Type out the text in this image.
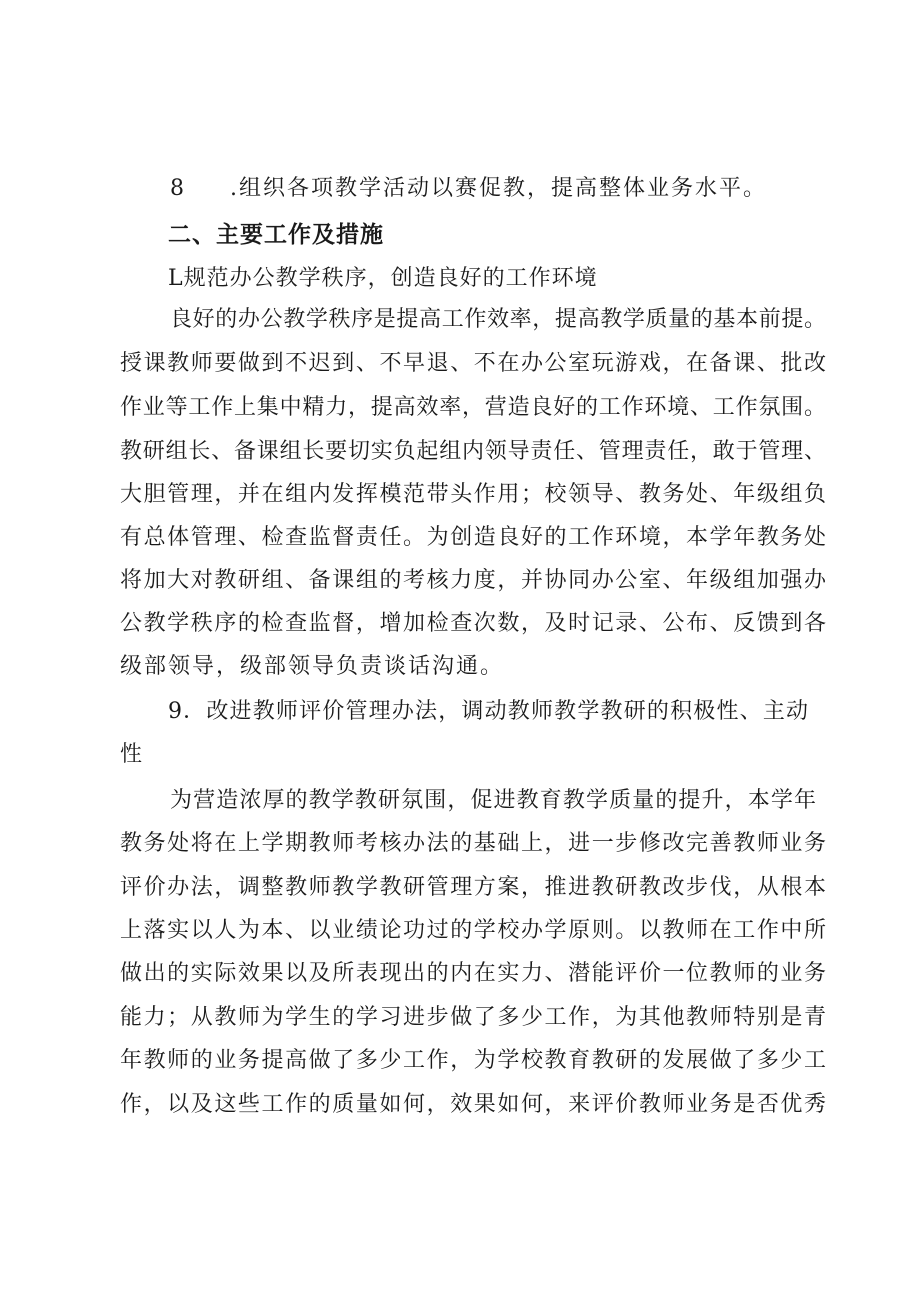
8 .组织各项教学活动以赛促教，提高整体业务水平。
二、主要工作及措施
L规范办公教学秩序，创造良好的工作环境
良好的办公教学秩序是提高工作效率，提高教学质量的基本前提。
授课教师要做到不迟到、不早退、不在办公室玩游戏，在备课、批改
作业等工作上集中精力，提高效率，营造良好的工作环境、工作氛围。
教研组长、备课组长要切实负起组内领导责任、管理责任，敢于管理、
大胆管理，并在组内发挥模范带头作用；校领导、教务处、年级组负
有总体管理、检查监督责任。为创造良好的工作环境，本学年教务处
将加大对教研组、备课组的考核力度，并协同办公室、年级组加强办
公教学秩序的检查监督，增加检查次数，及时记录、公布、反馈到各
级部领导，级部领导负责谈话沟通。
9．改进教师评价管理办法，调动教师教学教研的积极性、主动
性
为营造浓厚的教学教研氛围，促进教育教学质量的提升，本学年
教务处将在上学期教师考核办法的基础上，进一步修改完善教师业务
评价办法，调整教师教学教研管理方案，推进教研教改步伐，从根本
上落实以人为本、以业绩论功过的学校办学原则。以教师在工作中所
做出的实际效果以及所表现出的内在实力、潜能评价一位教师的业务
能力；从教师为学生的学习进步做了多少工作，为其他教师特别是青
年教师的业务提高做了多少工作，为学校教育教研的发展做了多少工
作，以及这些工作的质量如何，效果如何，来评价教师业务是否优秀
